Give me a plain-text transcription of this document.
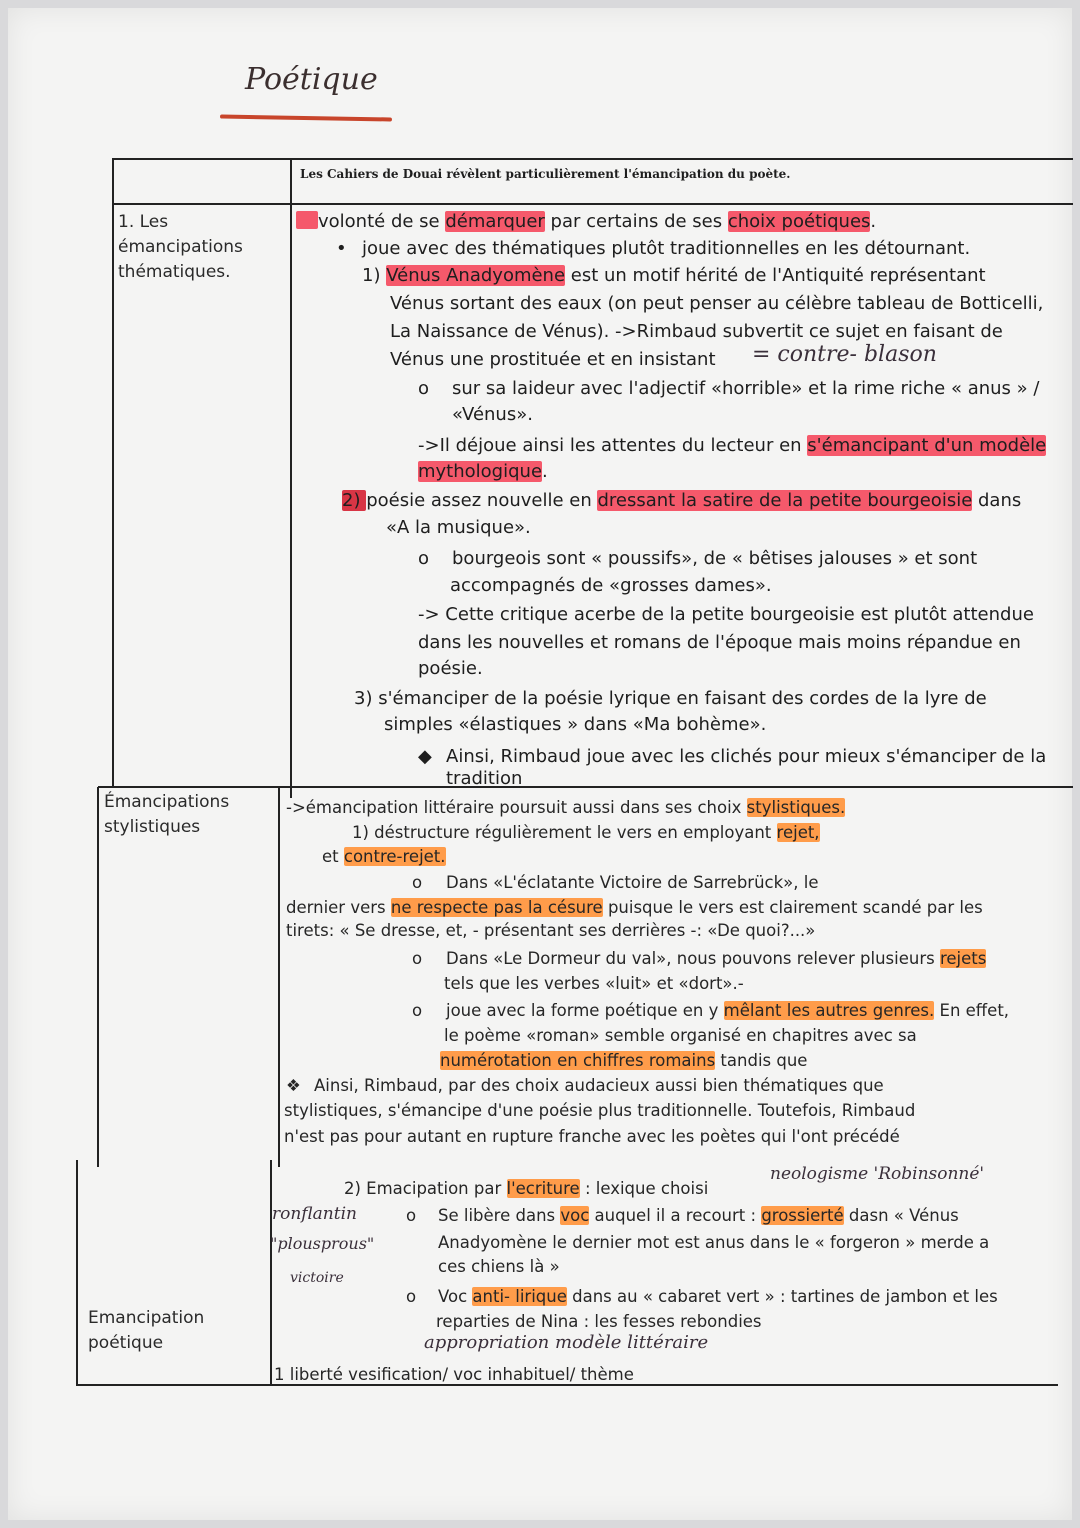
Poétique
Les Cahiers de Douai révèlent particulièrement l'émancipation du poète.
1. Les
émancipations
thématiques.
Émancipations
stylistiques
Emancipation
poétique
volonté de se démarquer par certains de ses choix poétiques.
• joue avec des thématiques plutôt traditionnelles en les détournant.
1) Vénus Anadyomène est un motif hérité de l'Antiquité représentant
Vénus sortant des eaux (on peut penser au célèbre tableau de Botticelli,
La Naissance de Vénus). ->Rimbaud subvertit ce sujet en faisant de
Vénus une prostituée et en insistant = contre- blason
o sur sa laideur avec l'adjectif «horrible» et la rime riche « anus » /
«Vénus».
->Il déjoue ainsi les attentes du lecteur en s'émancipant d'un modèle
mythologique.
2) poésie assez nouvelle en dressant la satire de la petite bourgeoisie dans
«A la musique».
o bourgeois sont « poussifs», de « bêtises jalouses » et sont
accompagnés de «grosses dames».
-> Cette critique acerbe de la petite bourgeoisie est plutôt attendue
dans les nouvelles et romans de l'époque mais moins répandue en
poésie.
3) s'émanciper de la poésie lyrique en faisant des cordes de la lyre de
simples «élastiques » dans «Ma bohème».
◆ Ainsi, Rimbaud joue avec les clichés pour mieux s'émanciper de la
tradition
->émancipation littéraire poursuit aussi dans ses choix stylistiques.
1) déstructure régulièrement le vers en employant rejet,
et contre-rejet.
o Dans «L'éclatante Victoire de Sarrebrück», le
dernier vers ne respecte pas la césure puisque le vers est clairement scandé par les
tirets: « Se dresse, et, - présentant ses derrières -: «De quoi?...»
o Dans «Le Dormeur du val», nous pouvons relever plusieurs rejets
tels que les verbes «luit» et «dort».-
o joue avec la forme poétique en y mêlant les autres genres. En effet,
le poème «roman» semble organisé en chapitres avec sa
numérotation en chiffres romains tandis que
❖ Ainsi, Rimbaud, par des choix audacieux aussi bien thématiques que
stylistiques, s'émancipe d'une poésie plus traditionnelle. Toutefois, Rimbaud
n'est pas pour autant en rupture franche avec les poètes qui l'ont précédé
2) Emacipation par l'ecriture : lexique choisi
neologisme 'Robinsonné'
ronflantin
"plousprous"
victoire
o Se libère dans voc auquel il a recourt : grossierté dasn « Vénus
Anadyomène le dernier mot est anus dans le « forgeron » merde a
ces chiens là »
o Voc anti- lirique dans au « cabaret vert » : tartines de jambon et les
reparties de Nina : les fesses rebondies
appropriation modèle littéraire
1 liberté vesification/ voc inhabituel/ thème
